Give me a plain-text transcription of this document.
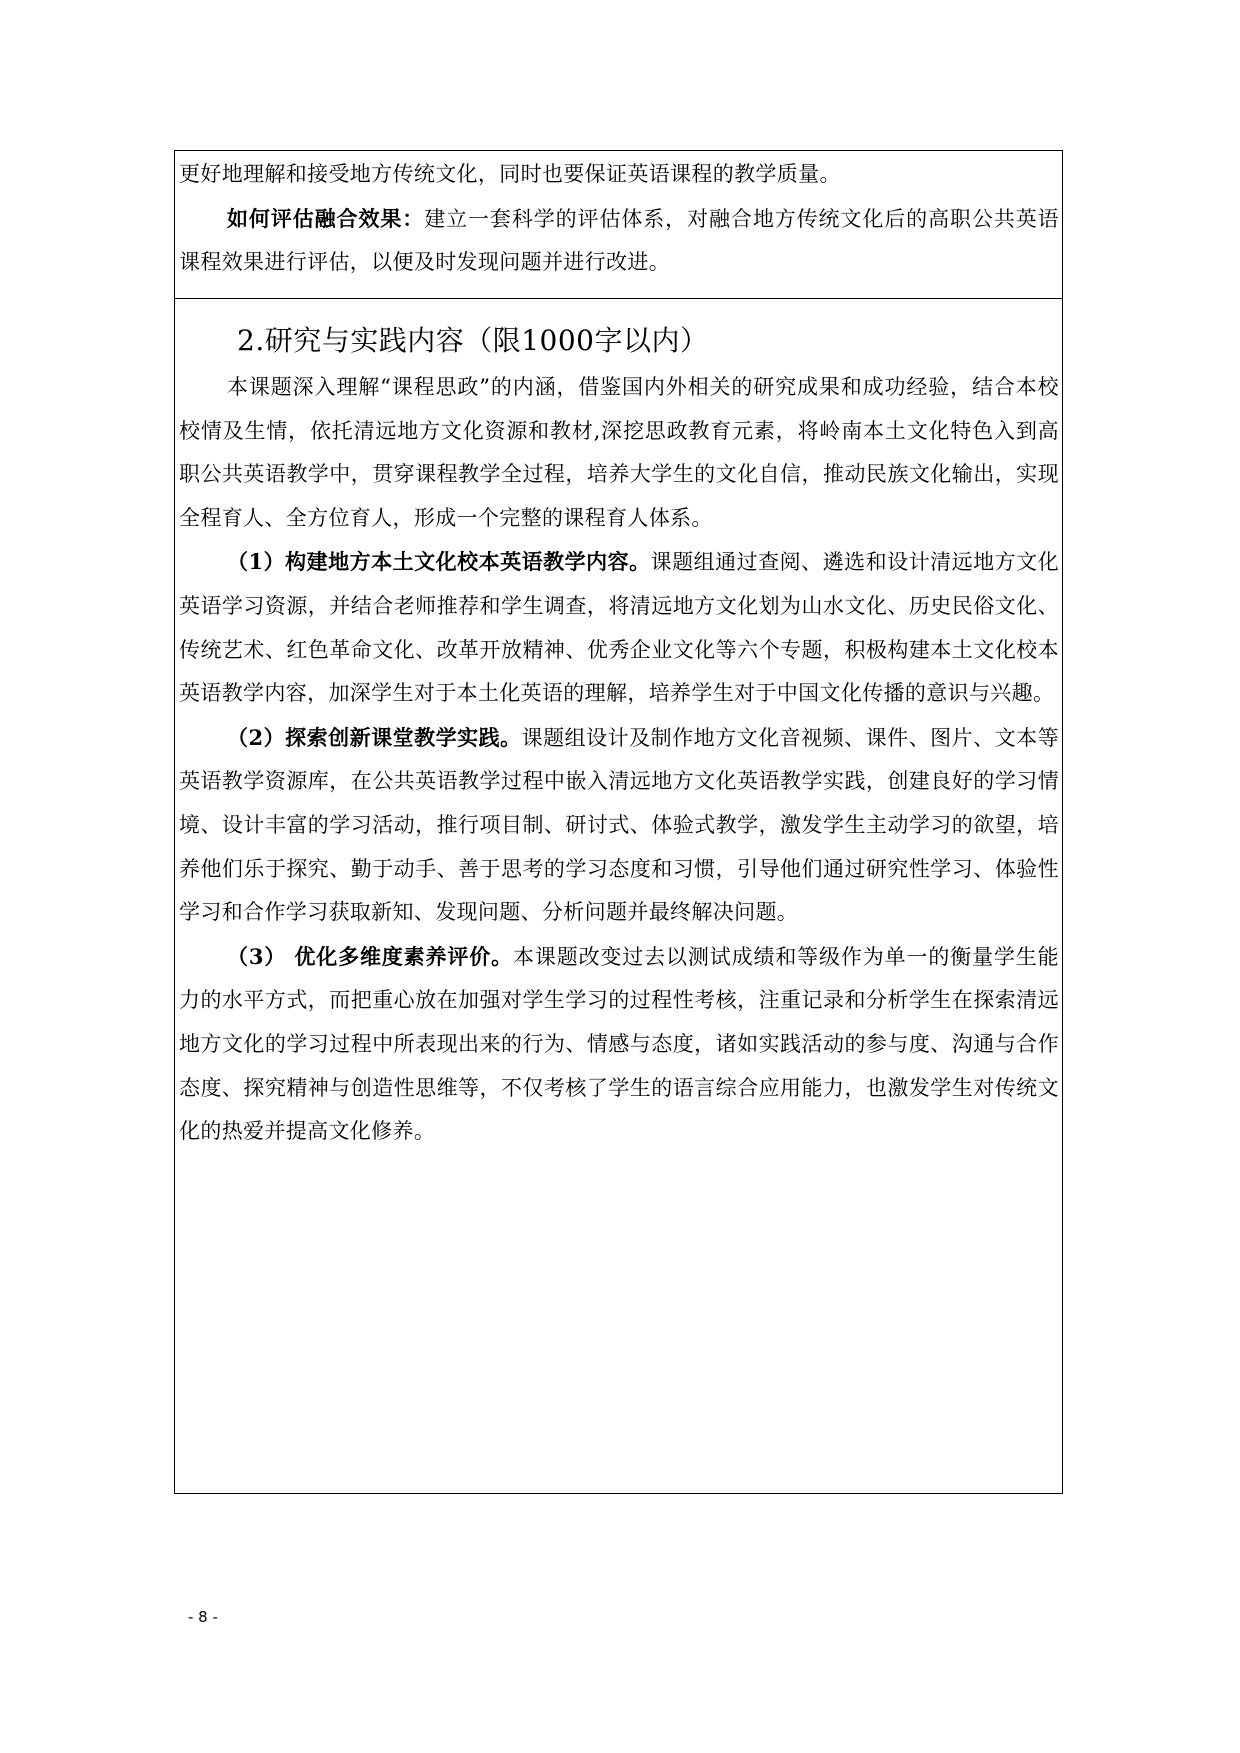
更好地理解和接受地方传统文化，同时也要保证英语课程的教学质量。

如何评估融合效果：建立一套科学的评估体系，对融合地方传统文化后的高职公共英语课程效果进行评估，以便及时发现问题并进行改进。

2.研究与实践内容（限1000字以内）

本课题深入理解“课程思政”的内涵，借鉴国内外相关的研究成果和成功经验，结合本校校情及生情，依托清远地方文化资源和教材,深挖思政教育元素，将岭南本土文化特色入到高职公共英语教学中，贯穿课程教学全过程，培养大学生的文化自信，推动民族文化输出，实现全程育人、全方位育人，形成一个完整的课程育人体系。

（1）构建地方本土文化校本英语教学内容。课题组通过查阅、遴选和设计清远地方文化英语学习资源，并结合老师推荐和学生调查，将清远地方文化划为山水文化、历史民俗文化、传统艺术、红色革命文化、改革开放精神、优秀企业文化等六个专题，积极构建本土文化校本英语教学内容，加深学生对于本土化英语的理解，培养学生对于中国文化传播的意识与兴趣。

（2）探索创新课堂教学实践。课题组设计及制作地方文化音视频、课件、图片、文本等英语教学资源库，在公共英语教学过程中嵌入清远地方文化英语教学实践，创建良好的学习情境、设计丰富的学习活动，推行项目制、研讨式、体验式教学，激发学生主动学习的欲望，培养他们乐于探究、勤于动手、善于思考的学习态度和习惯，引导他们通过研究性学习、体验性学习和合作学习获取新知、发现问题、分析问题并最终解决问题。

（3） 优化多维度素养评价。本课题改变过去以测试成绩和等级作为单一的衡量学生能力的水平方式，而把重心放在加强对学生学习的过程性考核，注重记录和分析学生在探索清远地方文化的学习过程中所表现出来的行为、情感与态度，诸如实践活动的参与度、沟通与合作态度、探究精神与创造性思维等，不仅考核了学生的语言综合应用能力，也激发学生对传统文化的热爱并提高文化修养。

- 8 -
